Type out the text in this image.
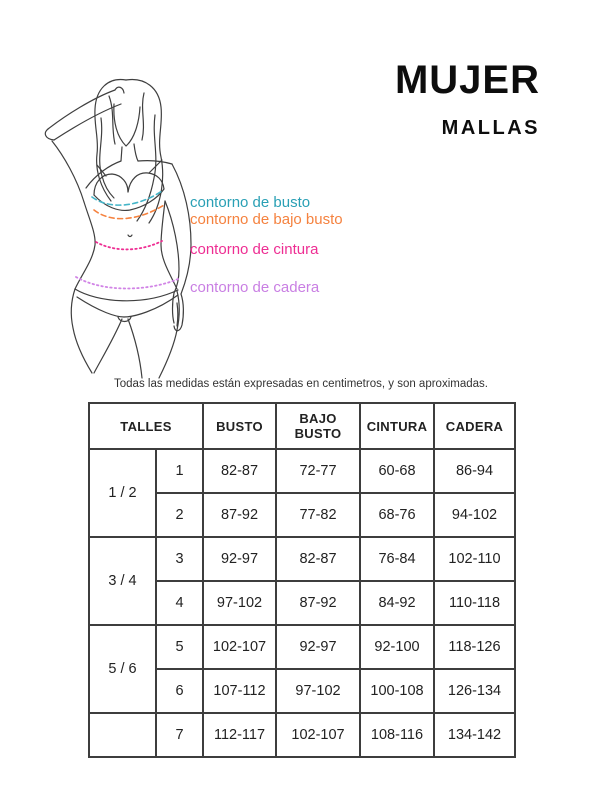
MUJER
MALLAS
contorno de busto
contorno de bajo busto
contorno de cintura
contorno de cadera
Todas las medidas están expresadas en centimetros, y son aproximadas.
TALLES		BUSTO	BAJO BUSTO	CINTURA	CADERA
1 / 2	1	82-87	72-77	60-68	86-94
	2	87-92	77-82	68-76	94-102
3 / 4	3	92-97	82-87	76-84	102-110
	4	97-102	87-92	84-92	110-118
5 / 6	5	102-107	92-97	92-100	118-126
	6	107-112	97-102	100-108	126-134
	7	112-117	102-107	108-116	134-142
